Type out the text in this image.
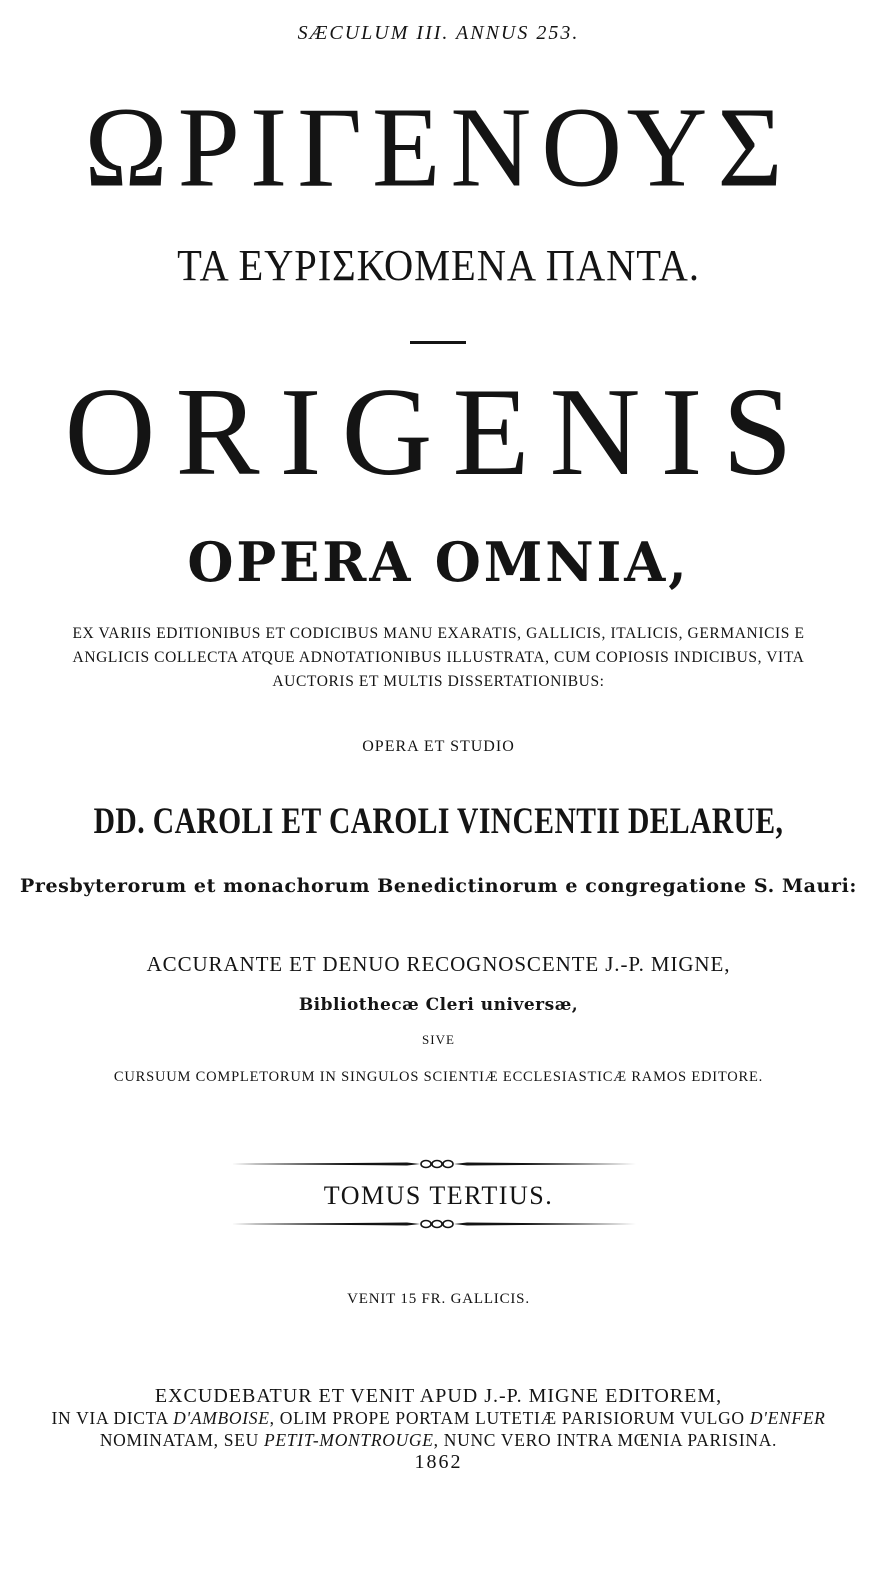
SÆCULUM III. ANNUS 253.
ΩΡΙΓΕΝΟΥΣ
ΤΑ ΕΥΡΙΣΚΟΜΕΝΑ ΠΑΝΤΑ.
ORIGENIS
OPERA OMNIA,
EX VARIIS EDITIONIBUS ET CODICIBUS MANU EXARATIS, GALLICIS, ITALICIS, GERMANICIS E
ANGLICIS COLLECTA ATQUE ADNOTATIONIBUS ILLUSTRATA, CUM COPIOSIS INDICIBUS, VITA
AUCTORIS ET MULTIS DISSERTATIONIBUS:
OPERA ET STUDIO
DD. CAROLI ET CAROLI VINCENTII DELARUE,
Presbyterorum et monachorum Benedictinorum e congregatione S. Mauri:
ACCURANTE ET DENUO RECOGNOSCENTE J.-P. MIGNE,
Bibliothecæ Cleri universæ,
SIVE
CURSUUM COMPLETORUM IN SINGULOS SCIENTIÆ ECCLESIASTICÆ RAMOS EDITORE.
TOMUS TERTIUS.
VENIT 15 FR. GALLICIS.
EXCUDEBATUR ET VENIT APUD J.-P. MIGNE EDITOREM,
IN VIA DICTA D'AMBOISE, OLIM PROPE PORTAM LUTETIÆ PARISIORUM VULGO D'ENFER
NOMINATAM, SEU PETIT-MONTROUGE, NUNC VERO INTRA MŒNIA PARISINA.
1862
